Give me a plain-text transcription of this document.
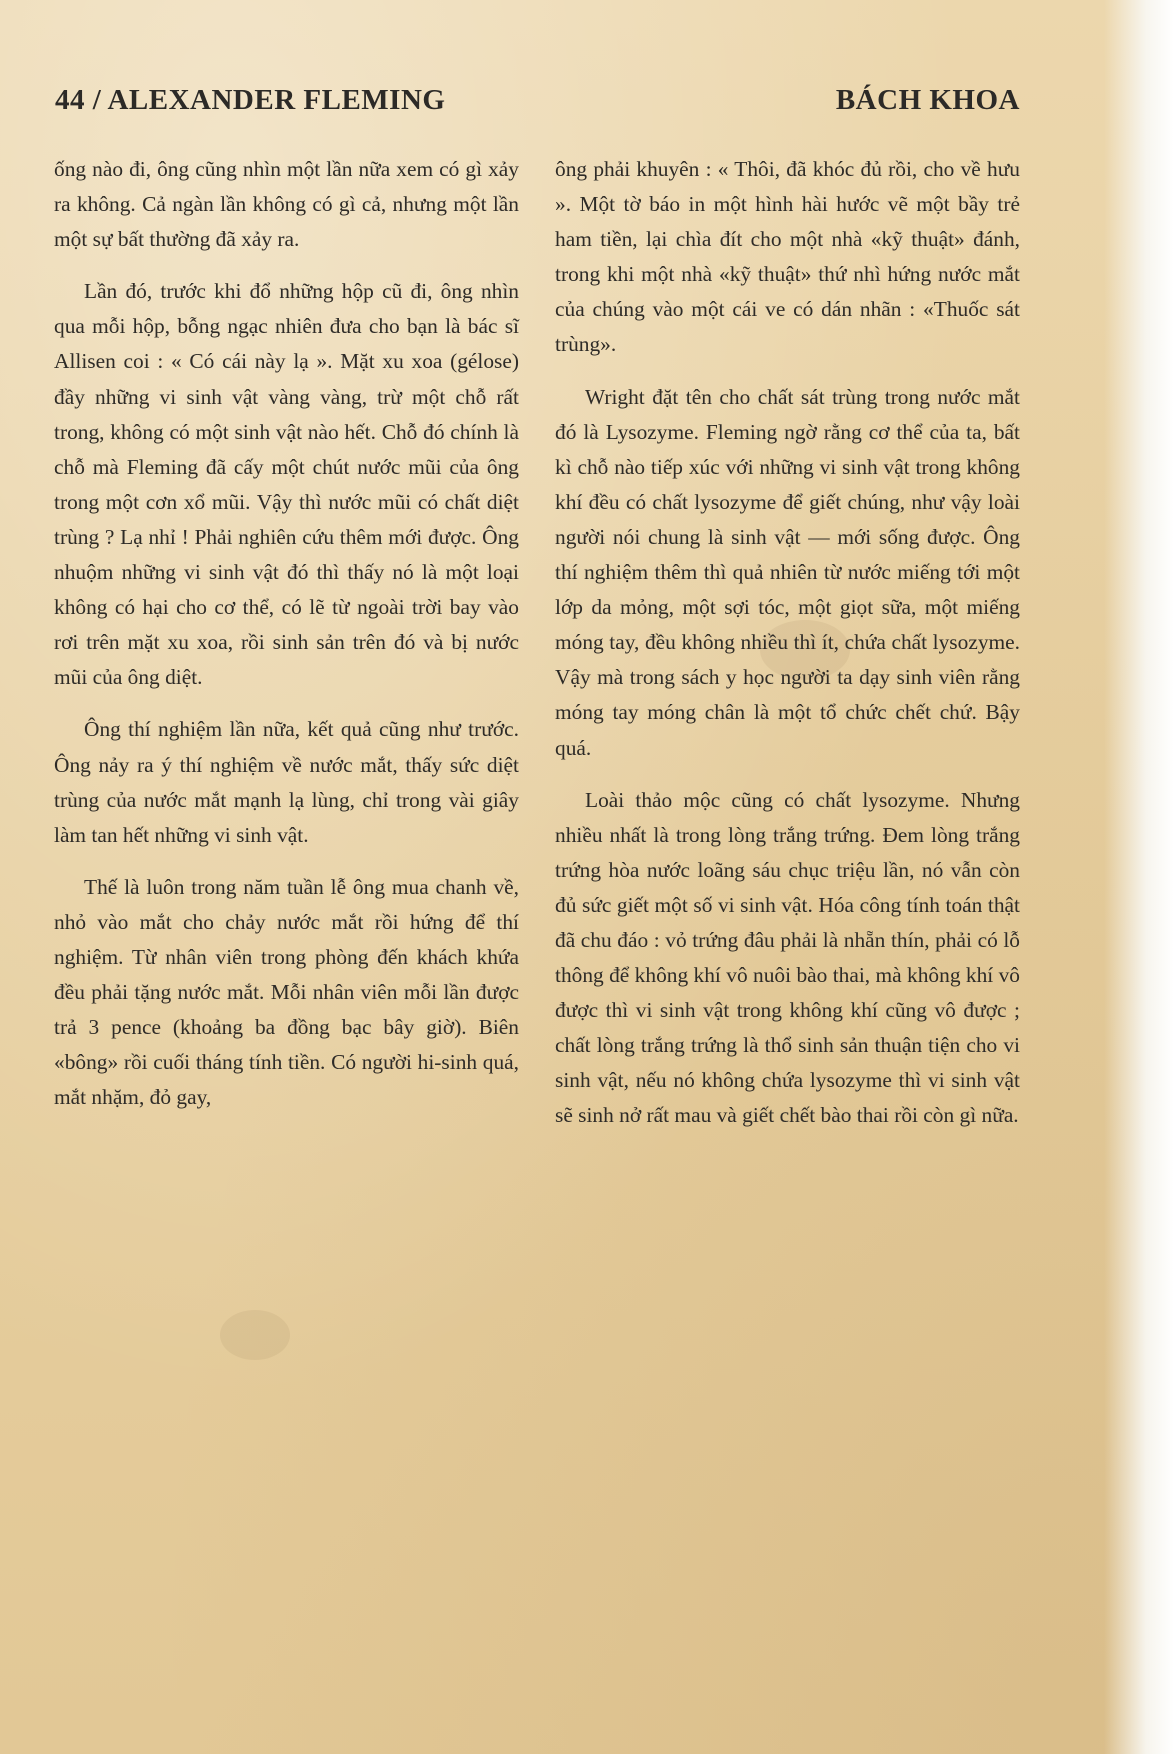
44 / ALEXANDER FLEMING	BÁCH KHOA

ống nào đi, ông cũng nhìn một lần nữa xem có gì xảy ra không. Cả ngàn lần không có gì cả, nhưng một lần một sự bất thường đã xảy ra.

Lần đó, trước khi đổ những hộp cũ đi, ông nhìn qua mỗi hộp, bỗng ngạc nhiên đưa cho bạn là bác sĩ Allisen coi : « Có cái này lạ ». Mặt xu xoa (gélose) đầy những vi sinh vật vàng vàng, trừ một chỗ rất trong, không có một sinh vật nào hết. Chỗ đó chính là chỗ mà Fleming đã cấy một chút nước mũi của ông trong một cơn xổ mũi. Vậy thì nước mũi có chất diệt trùng ? Lạ nhỉ ! Phải nghiên cứu thêm mới được. Ông nhuộm những vi sinh vật đó thì thấy nó là một loại không có hại cho cơ thể, có lẽ từ ngoài trời bay vào rơi trên mặt xu xoa, rồi sinh sản trên đó và bị nước mũi của ông diệt.

Ông thí nghiệm lần nữa, kết quả cũng như trước. Ông nảy ra ý thí nghiệm về nước mắt, thấy sức diệt trùng của nước mắt mạnh lạ lùng, chỉ trong vài giây làm tan hết những vi sinh vật.

Thế là luôn trong năm tuần lễ ông mua chanh về, nhỏ vào mắt cho chảy nước mắt rồi hứng để thí nghiệm. Từ nhân viên trong phòng đến khách khứa đều phải tặng nước mắt. Mỗi nhân viên mỗi lần được trả 3 pence (khoảng ba đồng bạc bây giờ). Biên «bông» rồi cuối tháng tính tiền. Có người hi-sinh quá, mắt nhặm, đỏ gay,

ông phải khuyên : « Thôi, đã khóc đủ rồi, cho về hưu ». Một tờ báo in một hình hài hước vẽ một bầy trẻ ham tiền, lại chìa đít cho một nhà «kỹ thuật» đánh, trong khi một nhà «kỹ thuật» thứ nhì hứng nước mắt của chúng vào một cái ve có dán nhãn : «Thuốc sát trùng».

Wright đặt tên cho chất sát trùng trong nước mắt đó là Lysozyme. Fleming ngờ rằng cơ thể của ta, bất kì chỗ nào tiếp xúc với những vi sinh vật trong không khí đều có chất lysozyme để giết chúng, như vậy loài người nói chung là sinh vật — mới sống được. Ông thí nghiệm thêm thì quả nhiên từ nước miếng tới một lớp da mỏng, một sợi tóc, một giọt sữa, một miếng móng tay, đều không nhiều thì ít, chứa chất lysozyme. Vậy mà trong sách y học người ta dạy sinh viên rằng móng tay móng chân là một tổ chức chết chứ. Bậy quá.

Loài thảo mộc cũng có chất lysozyme. Nhưng nhiều nhất là trong lòng trắng trứng. Đem lòng trắng trứng hòa nước loãng sáu chục triệu lần, nó vẫn còn đủ sức giết một số vi sinh vật. Hóa công tính toán thật đã chu đáo : vỏ trứng đâu phải là nhẵn thín, phải có lỗ thông để không khí vô nuôi bào thai, mà không khí vô được thì vi sinh vật trong không khí cũng vô được ; chất lòng trắng trứng là thổ sinh sản thuận tiện cho vi sinh vật, nếu nó không chứa lysozyme thì vi sinh vật sẽ sinh nở rất mau và giết chết bào thai rồi còn gì nữa.
